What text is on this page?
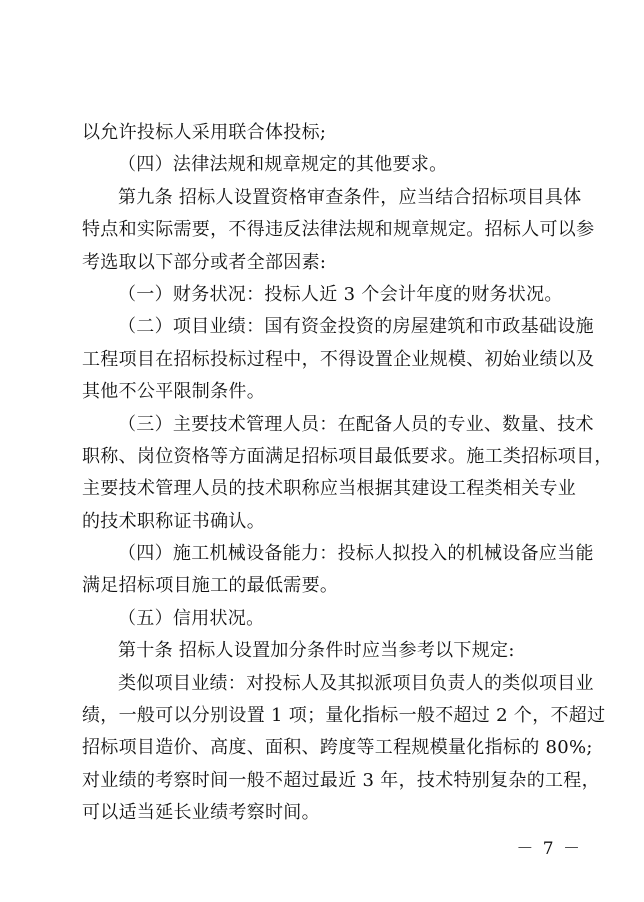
以允许投标人采用联合体投标;
（四）法律法规和规章规定的其他要求。
第九条 招标人设置资格审查条件，应当结合招标项目具体
特点和实际需要，不得违反法律法规和规章规定。招标人可以参
考选取以下部分或者全部因素:
（一）财务状况：投标人近 3 个会计年度的财务状况。
（二）项目业绩：国有资金投资的房屋建筑和市政基础设施
工程项目在招标投标过程中，不得设置企业规模、初始业绩以及
其他不公平限制条件。
（三）主要技术管理人员：在配备人员的专业、数量、技术
职称、岗位资格等方面满足招标项目最低要求。施工类招标项目，
主要技术管理人员的技术职称应当根据其建设工程类相关专业
的技术职称证书确认。
（四）施工机械设备能力：投标人拟投入的机械设备应当能
满足招标项目施工的最低需要。
（五）信用状况。
第十条 招标人设置加分条件时应当参考以下规定:
类似项目业绩：对投标人及其拟派项目负责人的类似项目业
绩，一般可以分别设置 1 项；量化指标一般不超过 2 个，不超过
招标项目造价、高度、面积、跨度等工程规模量化指标的 80%;
对业绩的考察时间一般不超过最近 3 年，技术特别复杂的工程，
可以适当延长业绩考察时间。
－ 7 －
